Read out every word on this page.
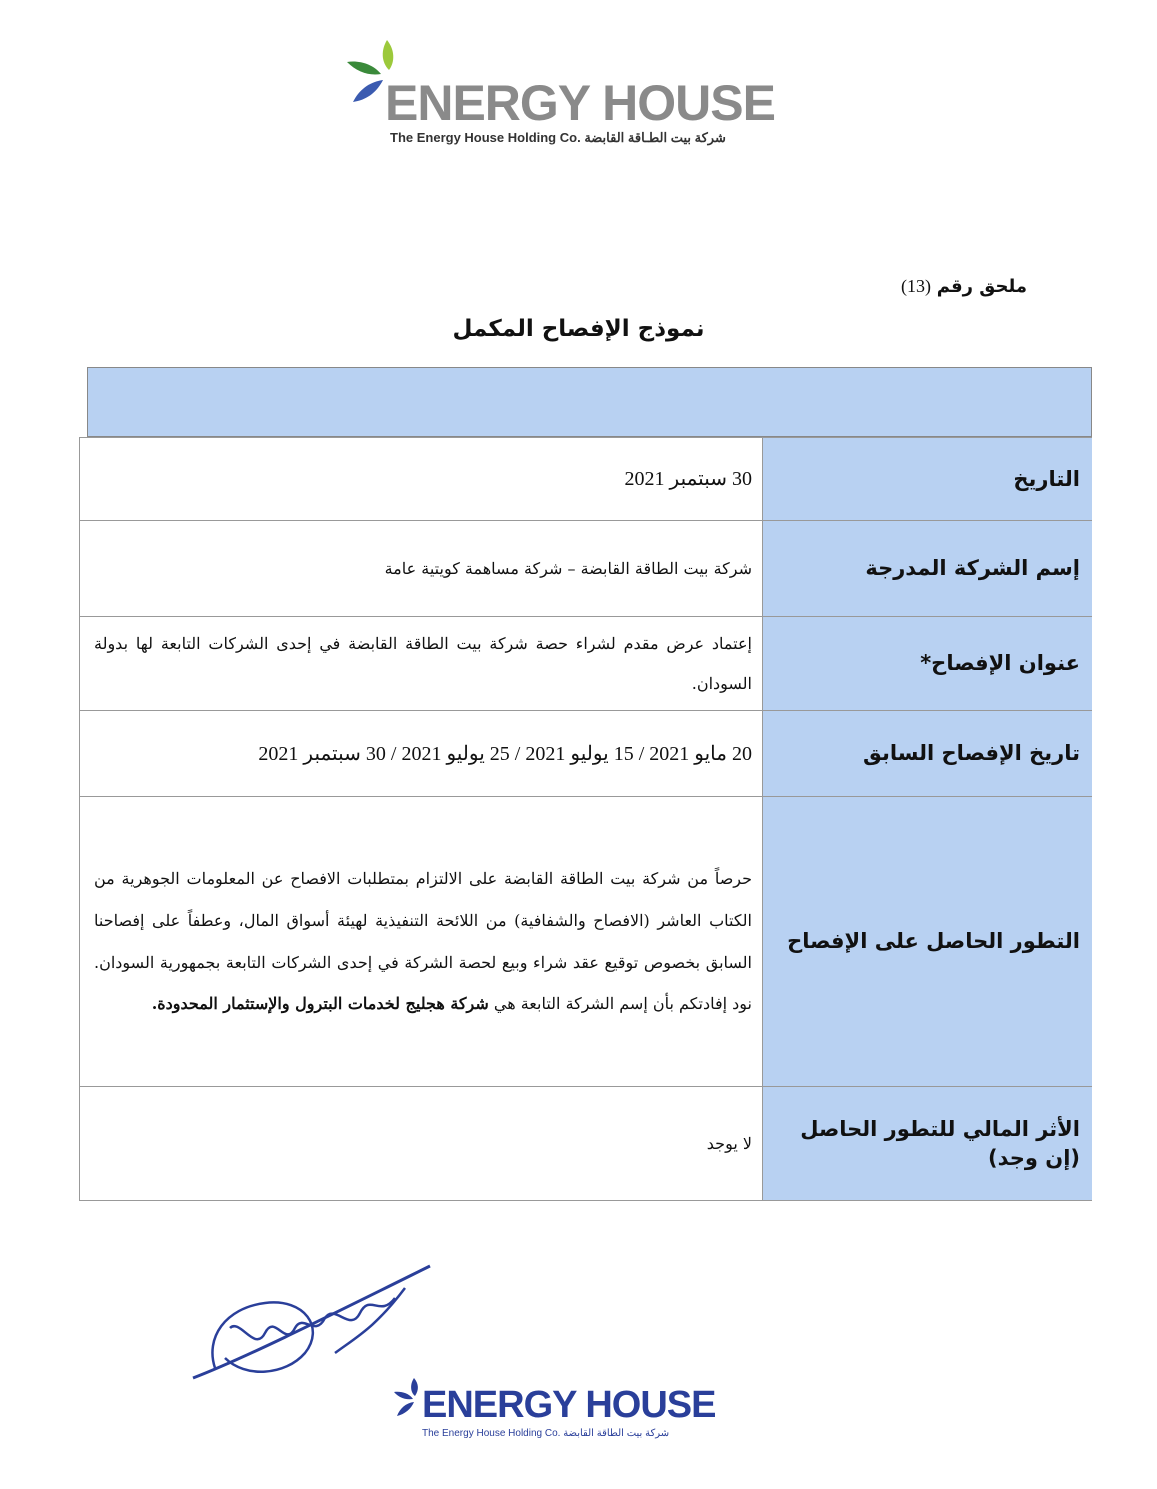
ENERGY HOUSE
The Energy House Holding Co. شركة بيت الطـاقة القابضة
ملحق رقم (13)
نموذج الإفصاح المكمل
التاريخ
30 سبتمبر 2021
إسم الشركة المدرجة
شركة بيت الطاقة القابضة – شركة مساهمة كويتية عامة
عنوان الإفصاح*
إعتماد عرض مقدم لشراء حصة شركة بيت الطاقة القابضة في إحدى الشركات التابعة لها بدولة السودان.
تاريخ الإفصاح السابق
20 مايو 2021 / 15 يوليو 2021 / 25 يوليو 2021 / 30 سبتمبر 2021
التطور الحاصل على الإفصاح
حرصاً من شركة بيت الطاقة القابضة على الالتزام بمتطلبات الافصاح عن المعلومات الجوهرية من الكتاب العاشر (الافصاح والشفافية) من اللائحة التنفيذية لهيئة أسواق المال، وعطفاً على إفصاحنا السابق بخصوص توقيع عقد شراء وبيع لحصة الشركة في إحدى الشركات التابعة بجمهورية السودان. نود إفادتكم بأن إسم الشركة التابعة هي شركة هجليج لخدمات البترول والإستثمار المحدودة.
الأثر المالي للتطور الحاصل (إن وجد)
لا يوجد
ENERGY HOUSE
The Energy House Holding Co. شركة بيت الطاقة القابضة
